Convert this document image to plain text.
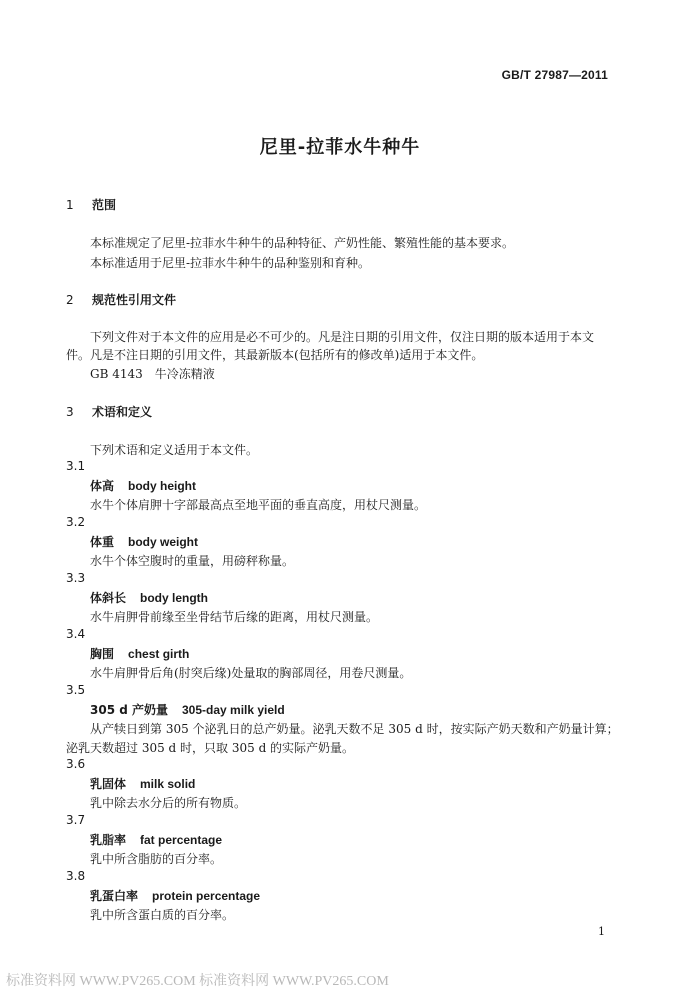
GB/T 27987—2011
尼里-拉菲水牛种牛
1 范围
本标准规定了尼里-拉菲水牛种牛的品种特征、产奶性能、繁殖性能的基本要求。
本标准适用于尼里-拉菲水牛种牛的品种鉴别和育种。
2 规范性引用文件
下列文件对于本文件的应用是必不可少的。凡是注日期的引用文件，仅注日期的版本适用于本文
件。凡是不注日期的引用文件，其最新版本(包括所有的修改单)适用于本文件。
GB 4143　牛冷冻精液
3 术语和定义
下列术语和定义适用于本文件。
3.1
体高 body height
水牛个体肩胛十字部最高点至地平面的垂直高度，用杖尺测量。
3.2
体重 body weight
水牛个体空腹时的重量，用磅秤称量。
3.3
体斜长 body length
水牛肩胛骨前缘至坐骨结节后缘的距离，用杖尺测量。
3.4
胸围 chest girth
水牛肩胛骨后角(肘突后缘)处量取的胸部周径，用卷尺测量。
3.5
305 d 产奶量 305-day milk yield
从产犊日到第 305 个泌乳日的总产奶量。泌乳天数不足 305 d 时，按实际产奶天数和产奶量计算；
泌乳天数超过 305 d 时，只取 305 d 的实际产奶量。
3.6
乳固体 milk solid
乳中除去水分后的所有物质。
3.7
乳脂率 fat percentage
乳中所含脂肪的百分率。
3.8
乳蛋白率 protein percentage
乳中所含蛋白质的百分率。
1
标准资料网 WWW.PV265.COM 标准资料网 WWW.PV265.COM
